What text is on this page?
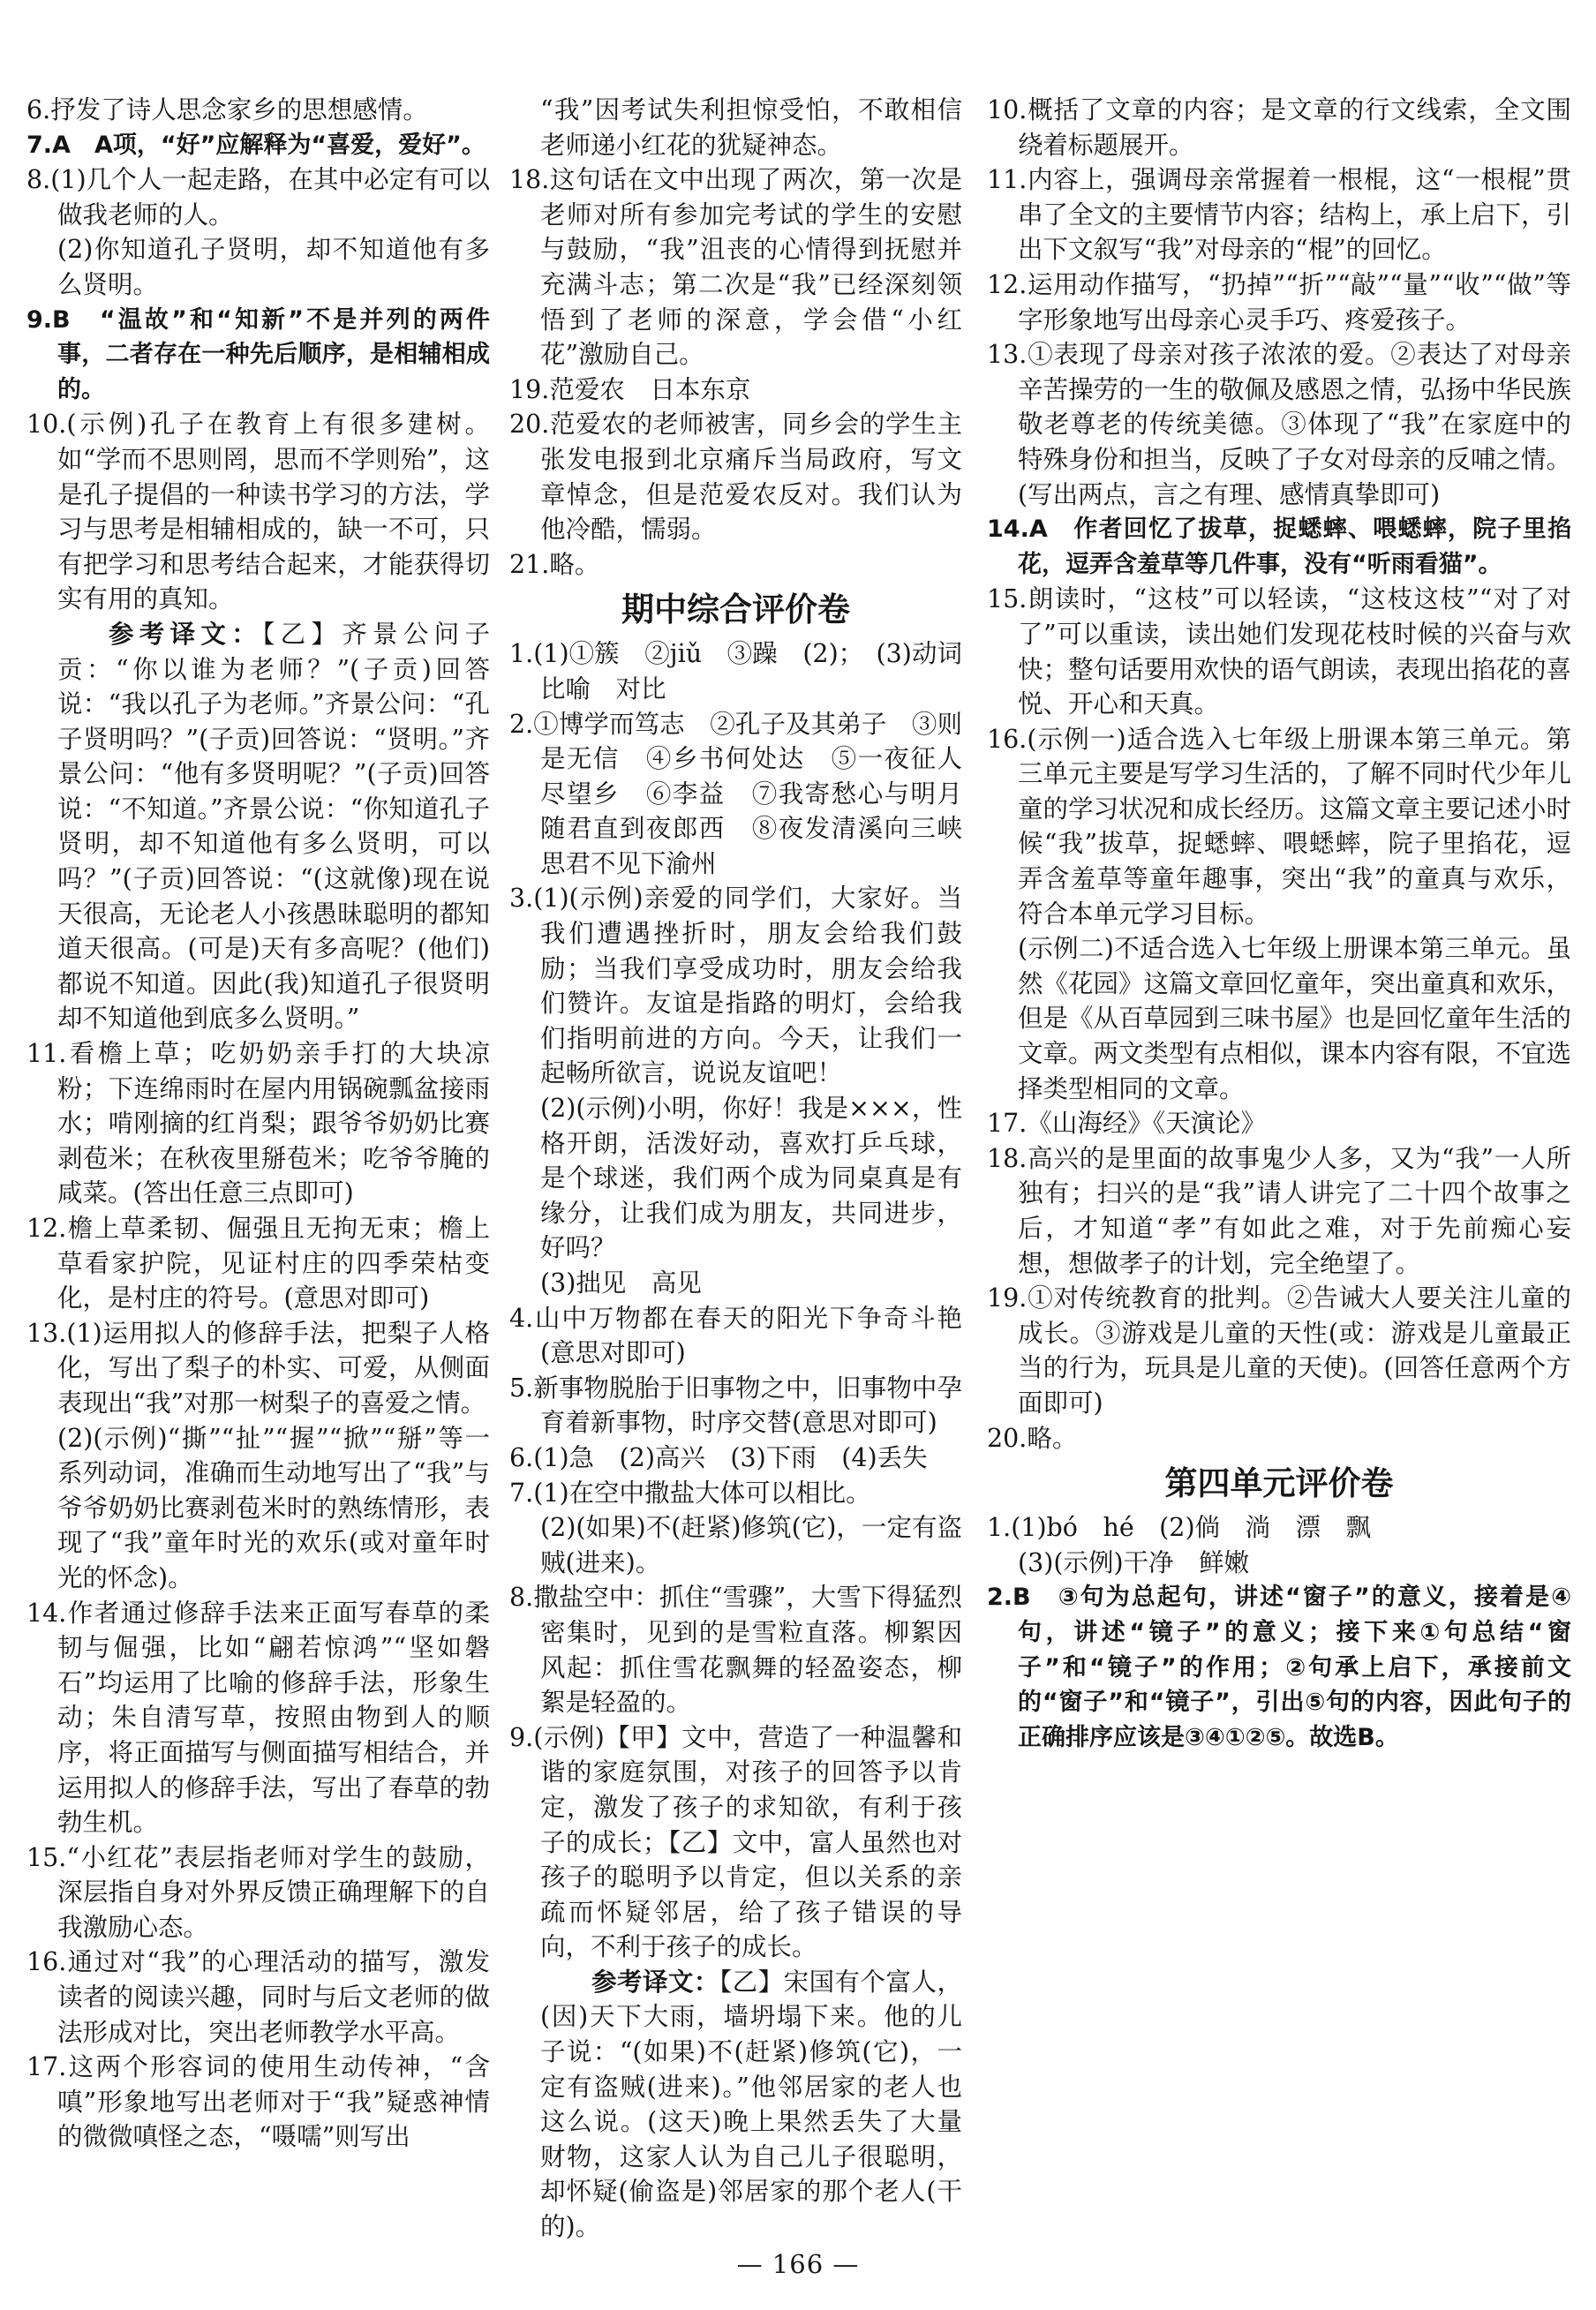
6.抒发了诗人思念家乡的思想感情。

7.A　A项，“好”应解释为“喜爱，爱好”。

8.(1)几个人一起走路，在其中必定有可以做我老师的人。

(2)你知道孔子贤明，却不知道他有多么贤明。

9.B　“温故”和“知新”不是并列的两件事，二者存在一种先后顺序，是相辅相成的。

10.(示例)孔子在教育上有很多建树。如“学而不思则罔，思而不学则殆”，这是孔子提倡的一种读书学习的方法，学习与思考是相辅相成的，缺一不可，只有把学习和思考结合起来，才能获得切实有用的真知。

参考译文：【乙】齐景公问子贡：“你以谁为老师？”(子贡)回答说：“我以孔子为老师。”齐景公问：“孔子贤明吗？”(子贡)回答说：“贤明。”齐景公问：“他有多贤明呢？”(子贡)回答说：“不知道。”齐景公说：“你知道孔子贤明，却不知道他有多么贤明，可以吗？”(子贡)回答说：“(这就像)现在说天很高，无论老人小孩愚昧聪明的都知道天很高。(可是)天有多高呢？(他们)都说不知道。因此(我)知道孔子很贤明却不知道他到底多么贤明。”

11.看檐上草；吃奶奶亲手打的大块凉粉；下连绵雨时在屋内用锅碗瓢盆接雨水；啃刚摘的红肖梨；跟爷爷奶奶比赛剥苞米；在秋夜里掰苞米；吃爷爷腌的咸菜。(答出任意三点即可)

12.檐上草柔韧、倔强且无拘无束；檐上草看家护院，见证村庄的四季荣枯变化，是村庄的符号。(意思对即可)

13.(1)运用拟人的修辞手法，把梨子人格化，写出了梨子的朴实、可爱，从侧面表现出“我”对那一树梨子的喜爱之情。

(2)(示例)“撕”“扯”“握”“掀”“掰”等一系列动词，准确而生动地写出了“我”与爷爷奶奶比赛剥苞米时的熟练情形，表现了“我”童年时光的欢乐(或对童年时光的怀念)。

14.作者通过修辞手法来正面写春草的柔韧与倔强，比如“翩若惊鸿”“坚如磐石”均运用了比喻的修辞手法，形象生动；朱自清写草，按照由物到人的顺序，将正面描写与侧面描写相结合，并运用拟人的修辞手法，写出了春草的勃勃生机。

15.“小红花”表层指老师对学生的鼓励，深层指自身对外界反馈正确理解下的自我激励心态。

16.通过对“我”的心理活动的描写，激发读者的阅读兴趣，同时与后文老师的做法形成对比，突出老师教学水平高。

17.这两个形容词的使用生动传神，“含嗔”形象地写出老师对于“我”疑惑神情的微微嗔怪之态，“嗫嚅”则写出

“我”因考试失利担惊受怕，不敢相信老师递小红花的犹疑神态。

18.这句话在文中出现了两次，第一次是老师对所有参加完考试的学生的安慰与鼓励，“我”沮丧的心情得到抚慰并充满斗志；第二次是“我”已经深刻领悟到了老师的深意，学会借“小红花”激励自己。

19.范爱农　日本东京

20.范爱农的老师被害，同乡会的学生主张发电报到北京痛斥当局政府，写文章悼念，但是范爱农反对。我们认为他冷酷，懦弱。

21.略。

期中综合评价卷

1.(1)①簇　②jiǔ　③躁　(2)；　(3)动词　比喻　对比

2.①博学而笃志　②孔子及其弟子　③则是无信　④乡书何处达　⑤一夜征人尽望乡　⑥李益　⑦我寄愁心与明月　随君直到夜郎西　⑧夜发清溪向三峡　思君不见下渝州

3.(1)(示例)亲爱的同学们，大家好。当我们遭遇挫折时，朋友会给我们鼓励；当我们享受成功时，朋友会给我们赞许。友谊是指路的明灯，会给我们指明前进的方向。今天，让我们一起畅所欲言，说说友谊吧！

(2)(示例)小明，你好！我是×××，性格开朗，活泼好动，喜欢打乒乓球，是个球迷，我们两个成为同桌真是有缘分，让我们成为朋友，共同进步，好吗？

(3)拙见　高见

4.山中万物都在春天的阳光下争奇斗艳(意思对即可)

5.新事物脱胎于旧事物之中，旧事物中孕育着新事物，时序交替(意思对即可)

6.(1)急　(2)高兴　(3)下雨　(4)丢失

7.(1)在空中撒盐大体可以相比。

(2)(如果)不(赶紧)修筑(它)，一定有盗贼(进来)。

8.撒盐空中：抓住“雪骤”，大雪下得猛烈密集时，见到的是雪粒直落。柳絮因风起：抓住雪花飘舞的轻盈姿态，柳絮是轻盈的。

9.(示例)【甲】文中，营造了一种温馨和谐的家庭氛围，对孩子的回答予以肯定，激发了孩子的求知欲，有利于孩子的成长；【乙】文中，富人虽然也对孩子的聪明予以肯定，但以关系的亲疏而怀疑邻居，给了孩子错误的导向，不利于孩子的成长。

参考译文：【乙】宋国有个富人，(因)天下大雨，墙坍塌下来。他的儿子说：“(如果)不(赶紧)修筑(它)，一定有盗贼(进来)。”他邻居家的老人也这么说。(这天)晚上果然丢失了大量财物，这家人认为自己儿子很聪明，却怀疑(偷盗是)邻居家的那个老人(干的)。

10.概括了文章的内容；是文章的行文线索，全文围绕着标题展开。

11.内容上，强调母亲常握着一根棍，这“一根棍”贯串了全文的主要情节内容；结构上，承上启下，引出下文叙写“我”对母亲的“棍”的回忆。

12.运用动作描写，“扔掉”“折”“敲”“量”“收”“做”等字形象地写出母亲心灵手巧、疼爱孩子。

13.①表现了母亲对孩子浓浓的爱。②表达了对母亲辛苦操劳的一生的敬佩及感恩之情，弘扬中华民族敬老尊老的传统美德。③体现了“我”在家庭中的特殊身份和担当，反映了子女对母亲的反哺之情。(写出两点，言之有理、感情真挚即可)

14.A　作者回忆了拔草，捉蟋蟀、喂蟋蟀，院子里掐花，逗弄含羞草等几件事，没有“听雨看猫”。

15.朗读时，“这枝”可以轻读，“这枝这枝”“对了对了”可以重读，读出她们发现花枝时候的兴奋与欢快；整句话要用欢快的语气朗读，表现出掐花的喜悦、开心和天真。

16.(示例一)适合选入七年级上册课本第三单元。第三单元主要是写学习生活的，了解不同时代少年儿童的学习状况和成长经历。这篇文章主要记述小时候“我”拔草，捉蟋蟀、喂蟋蟀，院子里掐花，逗弄含羞草等童年趣事，突出“我”的童真与欢乐，符合本单元学习目标。

(示例二)不适合选入七年级上册课本第三单元。虽然《花园》这篇文章回忆童年，突出童真和欢乐，但是《从百草园到三味书屋》也是回忆童年生活的文章。两文类型有点相似，课本内容有限，不宜选择类型相同的文章。

17.《山海经》《天演论》

18.高兴的是里面的故事鬼少人多，又为“我”一人所独有；扫兴的是“我”请人讲完了二十四个故事之后，才知道“孝”有如此之难，对于先前痴心妄想，想做孝子的计划，完全绝望了。

19.①对传统教育的批判。②告诫大人要关注儿童的成长。③游戏是儿童的天性(或：游戏是儿童最正当的行为，玩具是儿童的天使)。(回答任意两个方面即可)

20.略。

第四单元评价卷

1.(1)bó　hé　(2)倘　淌　漂　飘

(3)(示例)干净　鲜嫩

2.B　③句为总起句，讲述“窗子”的意义，接着是④句，讲述“镜子”的意义；接下来①句总结“窗子”和“镜子”的作用；②句承上启下，承接前文的“窗子”和“镜子”，引出⑤句的内容，因此句子的正确排序应该是③④①②⑤。故选B。

— 166 —
